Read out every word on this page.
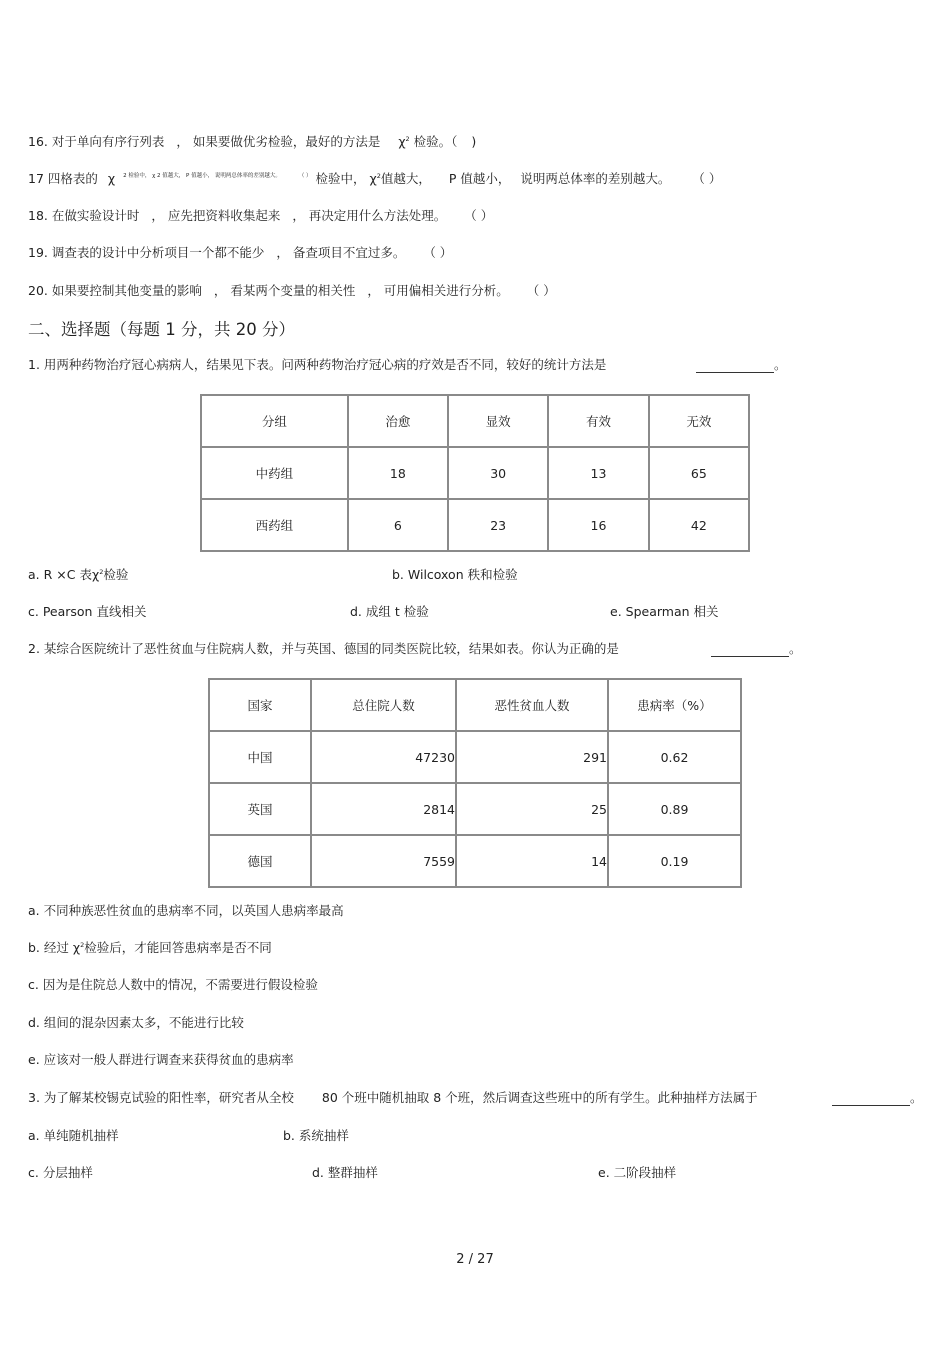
16. 对于单向有序行列表 ， 如果要做优劣检验，最好的方法是 $\chi^2$ 检验。（ )
17 四格表的 χ $^{2 检验中, \chi 2 值越大, P 值越小, 说明两总体率的差别越大。}$	（ ） 检验中， $\chi^2$值越大， P 值越小， 说明两总体率的差别越大。 （ ）
18. 在做实验设计时 ， 应先把资料收集起来 ， 再决定用什么方法处理。 （ ）
19. 调查表的设计中分析项目一个都不能少 ， 备查项目不宜过多。 （ ）
20. 如果要控制其他变量的影响 ， 看某两个变量的相关性 ， 可用偏相关进行分析。 （ ）
二、选择题（每题 1 分，共 20 分）
1. 用两种药物治疗冠心病病人，结果见下表。问两种药物治疗冠心病的疗效是否不同，较好的统计方法是	。
分组	治愈	显效	有效	无效
中药组	18	30	13	65
西药组	6	23	16	42
a. R ×C 表$\chi^2$检验	b. Wilcoxon 秩和检验
c. Pearson 直线相关	d. 成组 t 检验	e. Spearman 相关
2. 某综合医院统计了恶性贫血与住院病人数，并与英国、德国的同类医院比较，结果如表。你认为正确的是	。
国家	总住院人数	恶性贫血人数	患病率（%）
中国	47230	291	0.62
英国	2814	25	0.89
德国	7559	14	0.19
a. 不同种族恶性贫血的患病率不同，以英国人患病率最高
b. 经过 $\chi^2$检验后，才能回答患病率是否不同
c. 因为是住院总人数中的情况，不需要进行假设检验
d. 组间的混杂因素太多，不能进行比较
e. 应该对一般人群进行调查来获得贫血的患病率
3. 为了解某校锡克试验的阳性率，研究者从全校 80 个班中随机抽取 8 个班，然后调查这些班中的所有学生。此种抽样方法属于	。
a. 单纯随机抽样	b. 系统抽样
c. 分层抽样	d. 整群抽样	e. 二阶段抽样
2 / 27
